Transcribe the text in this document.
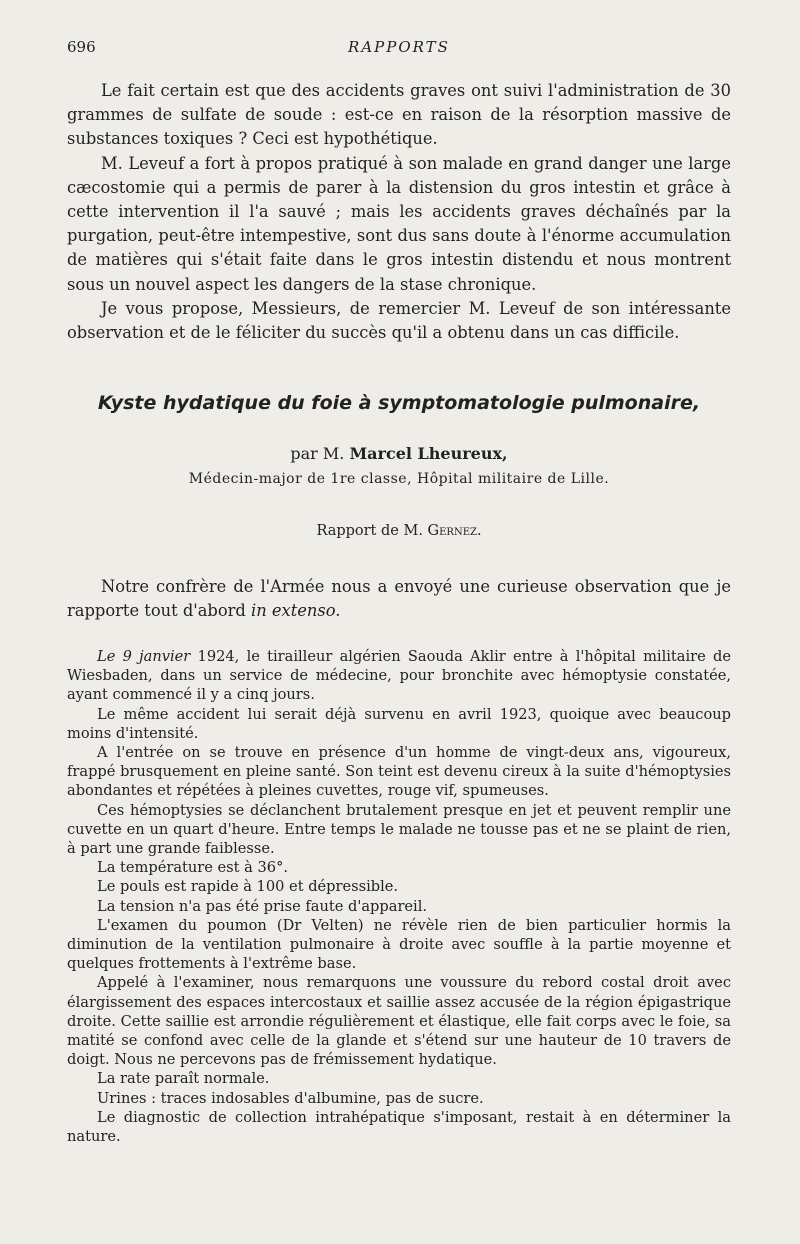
696	RAPPORTS

Le fait certain est que des accidents graves ont suivi l'administration de 30 grammes de sulfate de soude : est-ce en raison de la résorption massive de substances toxiques ? Ceci est hypothétique.

M. Leveuf a fort à propos pratiqué à son malade en grand danger une large cæcostomie qui a permis de parer à la distension du gros intestin et grâce à cette intervention il l'a sauvé ; mais les accidents graves déchaînés par la purgation, peut-être intempestive, sont dus sans doute à l'énorme accumulation de matières qui s'était faite dans le gros intestin distendu et nous montrent sous un nouvel aspect les dangers de la stase chronique.

Je vous propose, Messieurs, de remercier M. Leveuf de son intéressante observation et de le féliciter du succès qu'il a obtenu dans un cas difficile.

Kyste hydatique du foie à symptomatologie pulmonaire,
par M. Marcel Lheureux,
Médecin-major de 1re classe, Hôpital militaire de Lille.
Rapport de M. Gernez.

Notre confrère de l'Armée nous a envoyé une curieuse observation que je rapporte tout d'abord in extenso.

Le 9 janvier 1924, le tirailleur algérien Saouda Aklir entre à l'hôpital militaire de Wiesbaden, dans un service de médecine, pour bronchite avec hémoptysie constatée, ayant commencé il y a cinq jours.

Le même accident lui serait déjà survenu en avril 1923, quoique avec beaucoup moins d'intensité.

A l'entrée on se trouve en présence d'un homme de vingt-deux ans, vigoureux, frappé brusquement en pleine santé. Son teint est devenu cireux à la suite d'hémoptysies abondantes et répétées à pleines cuvettes, rouge vif, spumeuses.

Ces hémoptysies se déclanchent brutalement presque en jet et peuvent remplir une cuvette en un quart d'heure. Entre temps le malade ne tousse pas et ne se plaint de rien, à part une grande faiblesse.

La température est à 36°.

Le pouls est rapide à 100 et dépressible.

La tension n'a pas été prise faute d'appareil.

L'examen du poumon (Dr Velten) ne révèle rien de bien particulier hormis la diminution de la ventilation pulmonaire à droite avec souffle à la partie moyenne et quelques frottements à l'extrême base.

Appelé à l'examiner, nous remarquons une voussure du rebord costal droit avec élargissement des espaces intercostaux et saillie assez accusée de la région épigastrique droite. Cette saillie est arrondie régulièrement et élastique, elle fait corps avec le foie, sa matité se confond avec celle de la glande et s'étend sur une hauteur de 10 travers de doigt. Nous ne percevons pas de frémissement hydatique.

La rate paraît normale.

Urines : traces indosables d'albumine, pas de sucre.

Le diagnostic de collection intrahépatique s'imposant, restait à en déterminer la nature.
